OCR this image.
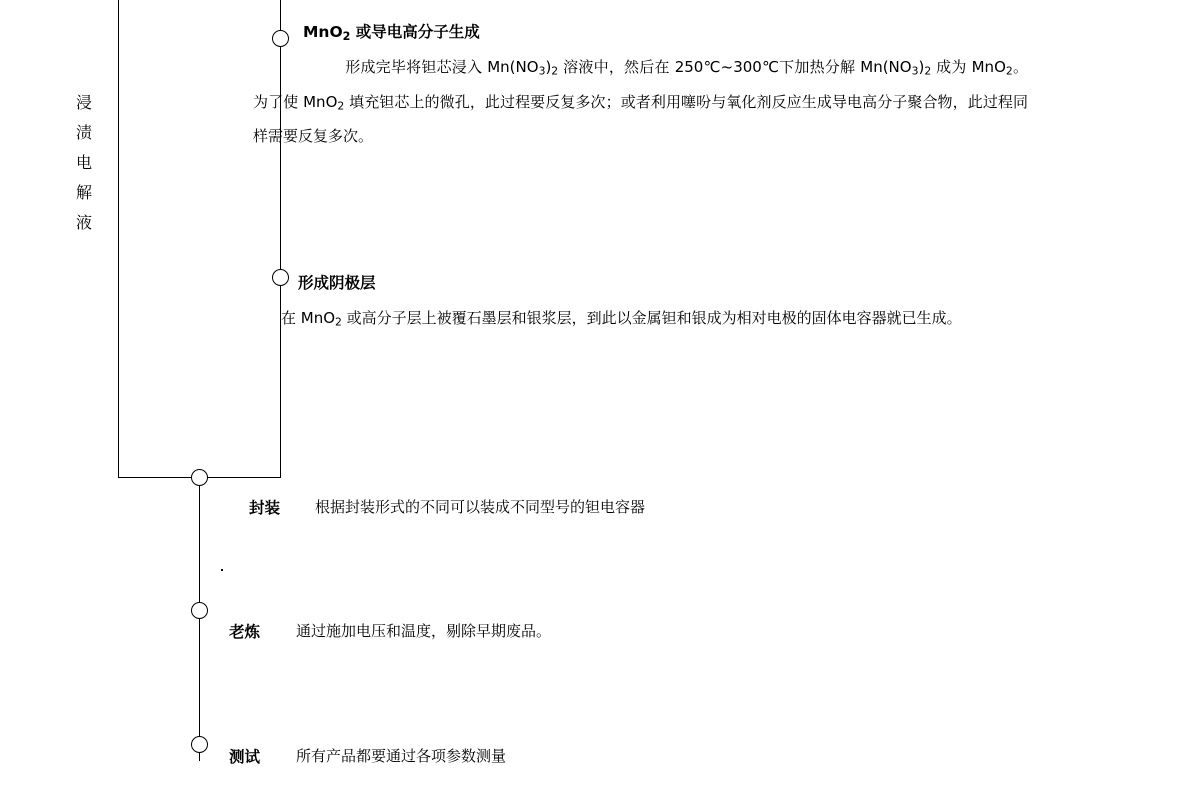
浸
渍
电
解
液
MnO$_2$ 或导电高分子生成
形成完毕将钽芯浸入 $Mn(NO_3)_2$ 溶液中，然后在 250℃~300℃下加热分解 $Mn(NO_3)_2$ 成为 MnO$_2$。为了使 MnO$_2$ 填充钽芯上的微孔，此过程要反复多次；或者利用噻吩与氧化剂反应生成导电高分子聚合物，此过程同样需要反复多次。
形成阴极层
在 MnO$_2$ 或高分子层上被覆石墨层和银浆层，到此以金属钽和银成为相对电极的固体电容器就已生成。
封装 根据封装形式的不同可以装成不同型号的钽电容器
老炼 通过施加电压和温度，剔除早期废品。
测试 所有产品都要通过各项参数测量
